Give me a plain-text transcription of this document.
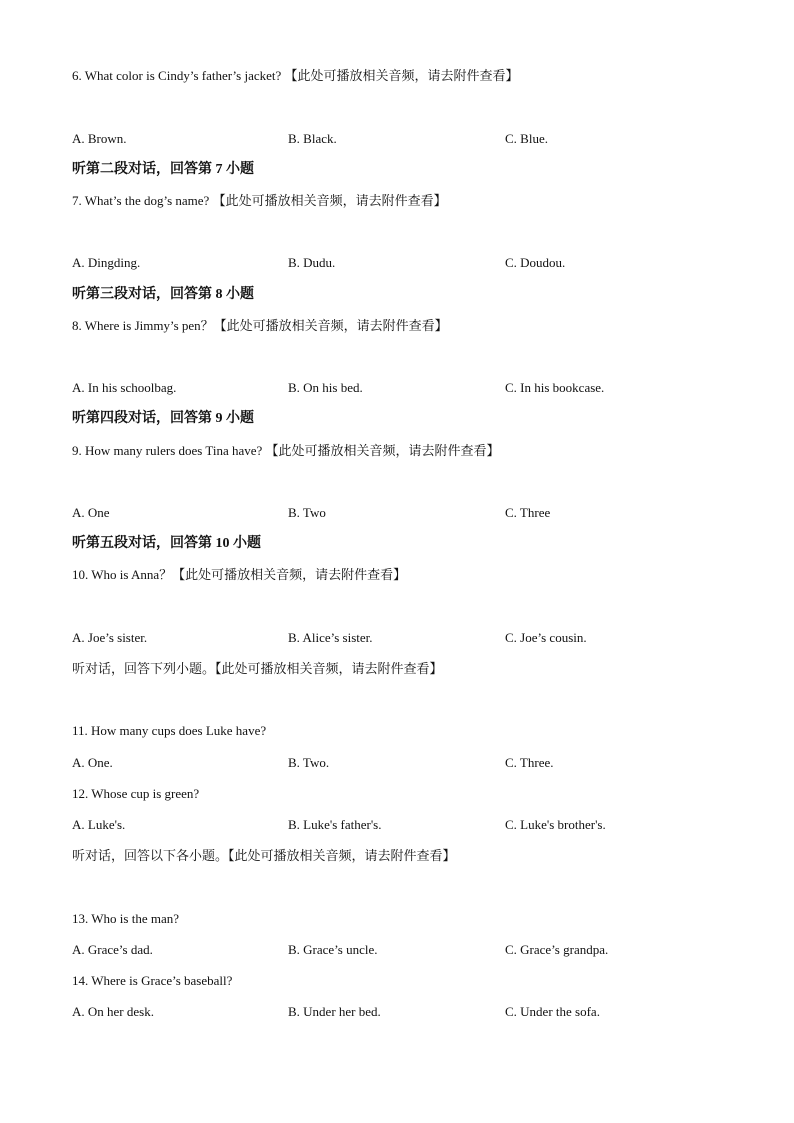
6. What color is Cindy’s father’s jacket? 【此处可播放相关音频，请去附件查看】
A. Brown.	B. Black.	C. Blue.
听第二段对话，回答第 7 小题
7. What’s the dog’s name? 【此处可播放相关音频，请去附件查看】
A. Dingding.	B. Dudu.	C. Doudou.
听第三段对话，回答第 8 小题
8. Where is Jimmy’s pen？【此处可播放相关音频，请去附件查看】
A. In his schoolbag.	B. On his bed.	C. In his bookcase.
听第四段对话，回答第 9 小题
9. How many rulers does Tina have? 【此处可播放相关音频，请去附件查看】
A. One	B. Two	C. Three
听第五段对话，回答第 10 小题
10. Who is Anna？【此处可播放相关音频，请去附件查看】
A. Joe’s sister.	B. Alice’s sister.	C. Joe’s cousin.
听对话，回答下列小题。【此处可播放相关音频，请去附件查看】
11. How many cups does Luke have?
A. One.	B. Two.	C. Three.
12. Whose cup is green?
A. Luke's.	B. Luke's father's.	C. Luke's brother's.
听对话，回答以下各小题。【此处可播放相关音频，请去附件查看】
13. Who is the man?
A. Grace’s dad.	B. Grace’s uncle.	C. Grace’s grandpa.
14. Where is Grace’s baseball?
A. On her desk.	B. Under her bed.	C. Under the sofa.
